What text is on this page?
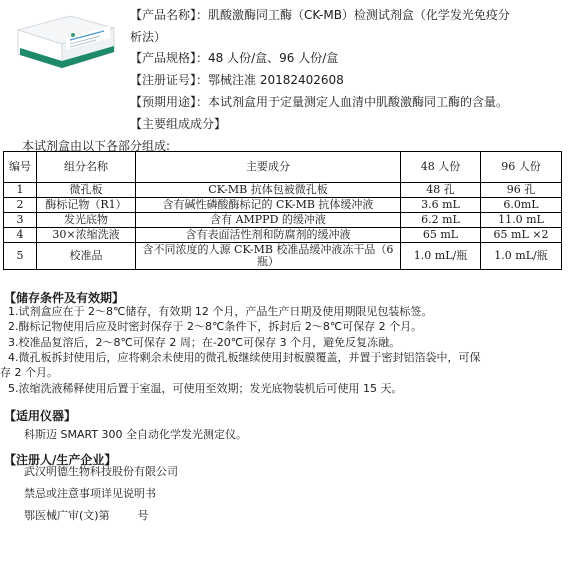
【产品名称】：肌酸激酶同工酶（CK-MB）检测试剂盒（化学发光免疫分
析法）
【产品规格】：48 人份/盒、96 人份/盒
【注册证号】：鄂械注准 20182402608
【预期用途】：本试剂盒用于定量测定人血清中肌酸激酶同工酶的含量。
【主要组成成分】
本试剂盒由以下各部分组成:
编号	组分名称	主要成分	48 人份	96 人份
1	微孔板	CK-MB 抗体包被微孔板	48 孔	96 孔
2	酶标记物（R1）	含有碱性磷酸酶标记的 CK-MB 抗体缓冲液	3.6 mL	6.0mL
3	发光底物	含有 AMPPD 的缓冲液	6.2 mL	11.0 mL
4	30×浓缩洗液	含有表面活性剂和防腐剂的缓冲液	65 mL	65 mL ×2
5	校准品	含不同浓度的人源 CK-MB 校准品缓冲液冻干品（6 瓶）	1.0 mL/瓶	1.0 mL/瓶
【储存条件及有效期】
1.试剂盒应在于 2～8℃储存，有效期 12 个月，产品生产日期及使用期限见包装标签。
2.酶标记物使用后应及时密封保存于 2～8℃条件下，拆封后 2～8℃可保存 2 个月。
3.校准品复溶后，2～8℃可保存 2 周；在-20℃可保存 3 个月，避免反复冻融。
4.微孔板拆封使用后，应将剩余未使用的微孔板继续使用封板膜覆盖，并置于密封铝箔袋中，可保
存 2 个月。
5.浓缩洗液稀释使用后置于室温，可使用至效期；发光底物装机后可使用 15 天。
【适用仪器】
科斯迈 SMART 300 全自动化学发光测定仪。
【注册人/生产企业】
武汉明德生物科技股份有限公司
禁忌或注意事项详见说明书
鄂医械广审(文)第        号
